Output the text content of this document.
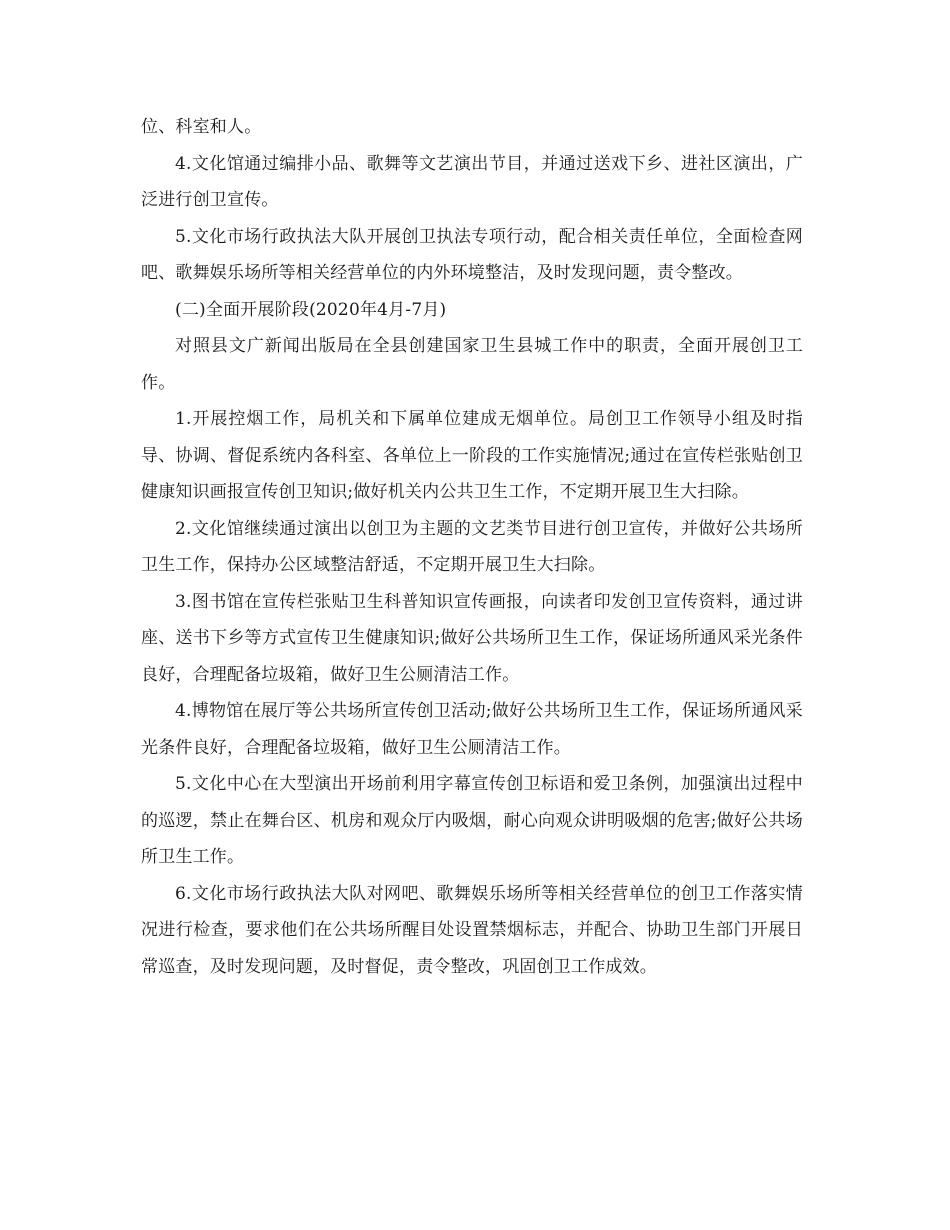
位、科室和人。

4.文化馆通过编排小品、歌舞等文艺演出节目，并通过送戏下乡、进社区演出，广泛进行创卫宣传。

5.文化市场行政执法大队开展创卫执法专项行动，配合相关责任单位，全面检查网吧、歌舞娱乐场所等相关经营单位的内外环境整洁，及时发现问题，责令整改。

(二)全面开展阶段(2020年4月-7月)

对照县文广新闻出版局在全县创建国家卫生县城工作中的职责，全面开展创卫工作。

1.开展控烟工作，局机关和下属单位建成无烟单位。局创卫工作领导小组及时指导、协调、督促系统内各科室、各单位上一阶段的工作实施情况;通过在宣传栏张贴创卫健康知识画报宣传创卫知识;做好机关内公共卫生工作，不定期开展卫生大扫除。

2.文化馆继续通过演出以创卫为主题的文艺类节目进行创卫宣传，并做好公共场所卫生工作，保持办公区域整洁舒适，不定期开展卫生大扫除。

3.图书馆在宣传栏张贴卫生科普知识宣传画报，向读者印发创卫宣传资料，通过讲座、送书下乡等方式宣传卫生健康知识;做好公共场所卫生工作，保证场所通风采光条件良好，合理配备垃圾箱，做好卫生公厕清洁工作。

4.博物馆在展厅等公共场所宣传创卫活动;做好公共场所卫生工作，保证场所通风采光条件良好，合理配备垃圾箱，做好卫生公厕清洁工作。

5.文化中心在大型演出开场前利用字幕宣传创卫标语和爱卫条例，加强演出过程中的巡逻，禁止在舞台区、机房和观众厅内吸烟，耐心向观众讲明吸烟的危害;做好公共场所卫生工作。

6.文化市场行政执法大队对网吧、歌舞娱乐场所等相关经营单位的创卫工作落实情况进行检查，要求他们在公共场所醒目处设置禁烟标志，并配合、协助卫生部门开展日常巡查，及时发现问题，及时督促，责令整改，巩固创卫工作成效。
